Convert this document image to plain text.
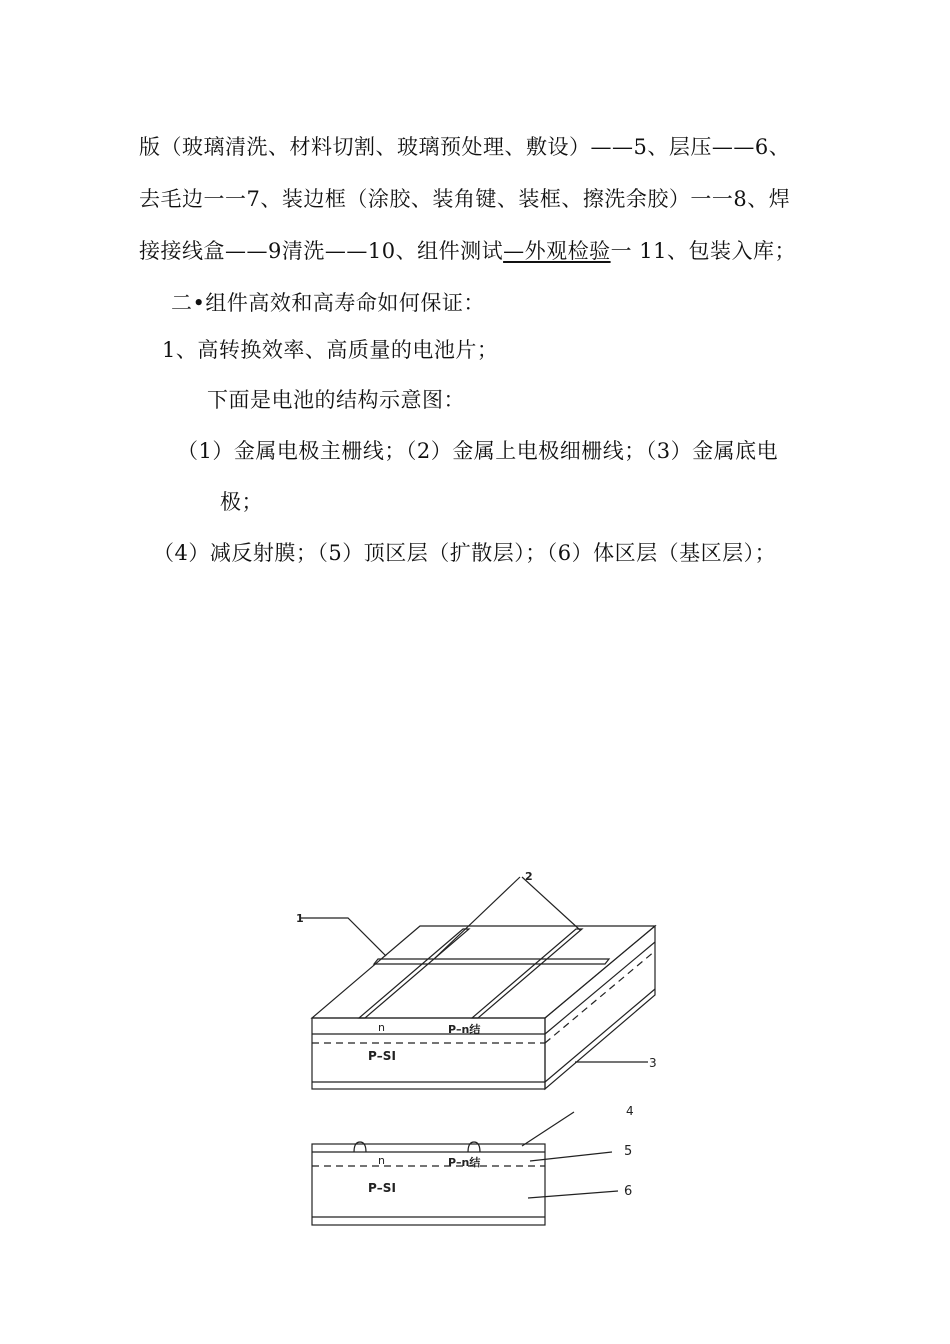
版（玻璃清洗、材料切割、玻璃预处理、敷设）——5、层压——6、
去毛边一一7、装边框（涂胶、装角键、装框、擦洗余胶）一一8、焊
接接线盒——9清洗——10、组件测试—外观检验一 11、包装入库；
二•组件高效和高寿命如何保证：
1、高转换效率、高质量的电池片；
下面是电池的结构示意图：
（1）金属电极主栅线；（2）金属上电极细栅线；（3）金属底电
极；
（4）减反射膜；（5）顶区层（扩散层）；（6）体区层（基区层）；
1
2
3
n	P–n结
P–SI
4
5
6
n	P–n结
P–SI
